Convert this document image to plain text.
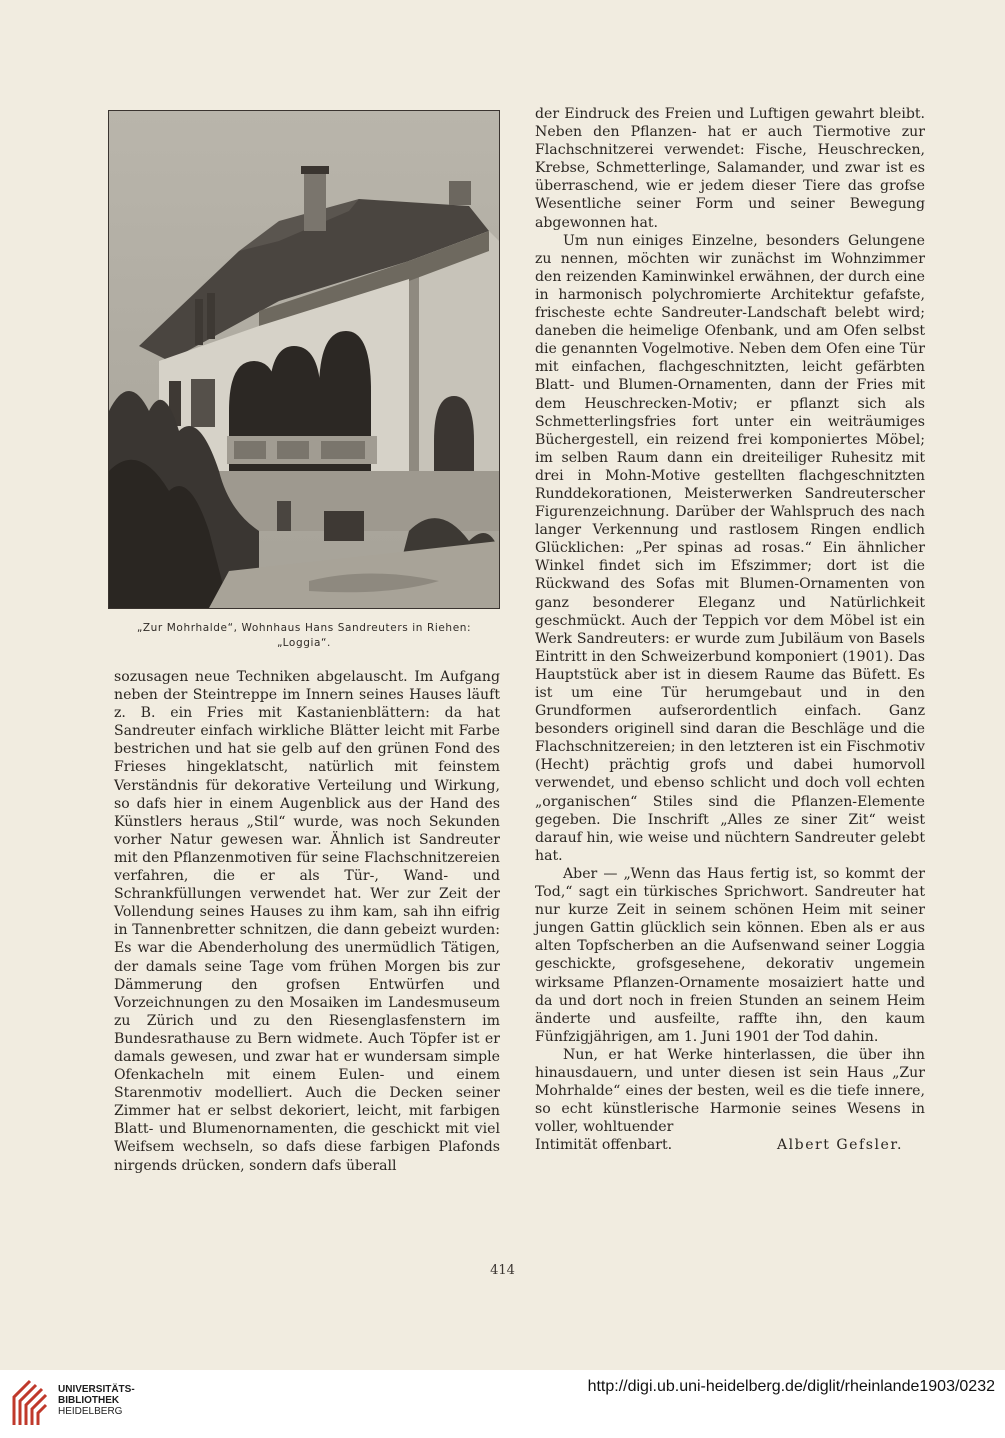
„Zur Mohrhalde“, Wohnhaus Hans Sandreuters in Riehen:

„Loggia“.

sozusagen neue Techniken abgelauscht. Im Aufgang neben der Steintreppe im Innern seines Hauses läuft z. B. ein Fries mit Kastanienblättern: da hat Sandreuter einfach wirkliche Blätter leicht mit Farbe bestrichen und hat sie gelb auf den grünen Fond des Frieses hingeklatscht, natürlich mit feinstem Verständnis für dekorative Verteilung und Wirkung, so dafs hier in einem Augenblick aus der Hand des Künstlers heraus „Stil“ wurde, was noch Sekunden vorher Natur gewesen war. Ähnlich ist Sandreuter mit den Pflanzenmotiven für seine Flachschnitzereien verfahren, die er als Tür-, Wand- und Schrankfüllungen verwendet hat. Wer zur Zeit der Vollendung seines Hauses zu ihm kam, sah ihn eifrig in Tannenbretter schnitzen, die dann gebeizt wurden: Es war die Abenderholung des unermüdlich Tätigen, der damals seine Tage vom frühen Morgen bis zur Dämmerung den grofsen Entwürfen und Vorzeichnungen zu den Mosaiken im Landesmuseum zu Zürich und zu den Riesenglasfenstern im Bundesrathause zu Bern widmete. Auch Töpfer ist er damals gewesen, und zwar hat er wundersam simple Ofenkacheln mit einem Eulen- und einem Starenmotiv modelliert. Auch die Decken seiner Zimmer hat er selbst dekoriert, leicht, mit farbigen Blatt- und Blumenornamenten, die geschickt mit viel Weifsem wechseln, so dafs diese farbigen Plafonds nirgends drücken, sondern dafs überall

der Eindruck des Freien und Luftigen gewahrt bleibt. Neben den Pflanzen- hat er auch Tiermotive zur Flachschnitzerei verwendet: Fische, Heuschrecken, Krebse, Schmetterlinge, Salamander, und zwar ist es überraschend, wie er jedem dieser Tiere das grofse Wesentliche seiner Form und seiner Bewegung abgewonnen hat.

Um nun einiges Einzelne, besonders Gelungene zu nennen, möchten wir zunächst im Wohnzimmer den reizenden Kaminwinkel erwähnen, der durch eine in harmonisch polychromierte Architektur gefafste, frischeste echte Sandreuter-Landschaft belebt wird; daneben die heimelige Ofenbank, und am Ofen selbst die genannten Vogelmotive. Neben dem Ofen eine Tür mit einfachen, flachgeschnitzten, leicht gefärbten Blatt- und Blumen-Ornamenten, dann der Fries mit dem Heuschrecken-Motiv; er pflanzt sich als Schmetterlingsfries fort unter ein weiträumiges Büchergestell, ein reizend frei komponiertes Möbel; im selben Raum dann ein dreiteiliger Ruhesitz mit drei in Mohn-Motive gestellten flachgeschnitzten Runddekorationen, Meisterwerken Sandreuterscher Figurenzeichnung. Darüber der Wahlspruch des nach langer Verkennung und rastlosem Ringen endlich Glücklichen: „Per spinas ad rosas.“ Ein ähnlicher Winkel findet sich im Efszimmer; dort ist die Rückwand des Sofas mit Blumen-Ornamenten von ganz besonderer Eleganz und Natürlichkeit geschmückt. Auch der Teppich vor dem Möbel ist ein Werk Sandreuters: er wurde zum Jubiläum von Basels Eintritt in den Schweizerbund komponiert (1901). Das Hauptstück aber ist in diesem Raume das Büfett. Es ist um eine Tür herumgebaut und in den Grundformen aufserordentlich einfach. Ganz besonders originell sind daran die Beschläge und die Flachschnitzereien; in den letzteren ist ein Fischmotiv (Hecht) prächtig grofs und dabei humorvoll verwendet, und ebenso schlicht und doch voll echten „organischen“ Stiles sind die Pflanzen-Elemente gegeben. Die Inschrift „Alles ze siner Zit“ weist darauf hin, wie weise und nüchtern Sandreuter gelebt hat.

Aber — „Wenn das Haus fertig ist, so kommt der Tod,“ sagt ein türkisches Sprichwort. Sandreuter hat nur kurze Zeit in seinem schönen Heim mit seiner jungen Gattin glücklich sein können. Eben als er aus alten Topfscherben an die Aufsenwand seiner Loggia geschickte, grofsgesehene, dekorativ ungemein wirksame Pflanzen-Ornamente mosaiziert hatte und da und dort noch in freien Stunden an seinem Heim änderte und ausfeilte, raffte ihn, den kaum Fünfzigjährigen, am 1. Juni 1901 der Tod dahin.

Nun, er hat Werke hinterlassen, die über ihn hinausdauern, und unter diesen ist sein Haus „Zur Mohrhalde“ eines der besten, weil es die tiefe innere, so echt künstlerische Harmonie seines Wesens in voller, wohltuender

Intimität offenbart.	Albert Gefsler.
414
UNIVERSITÄTS-
BIBLIOTHEK
HEIDELBERG
http://digi.ub.uni-heidelberg.de/diglit/rheinlande1903/0232
